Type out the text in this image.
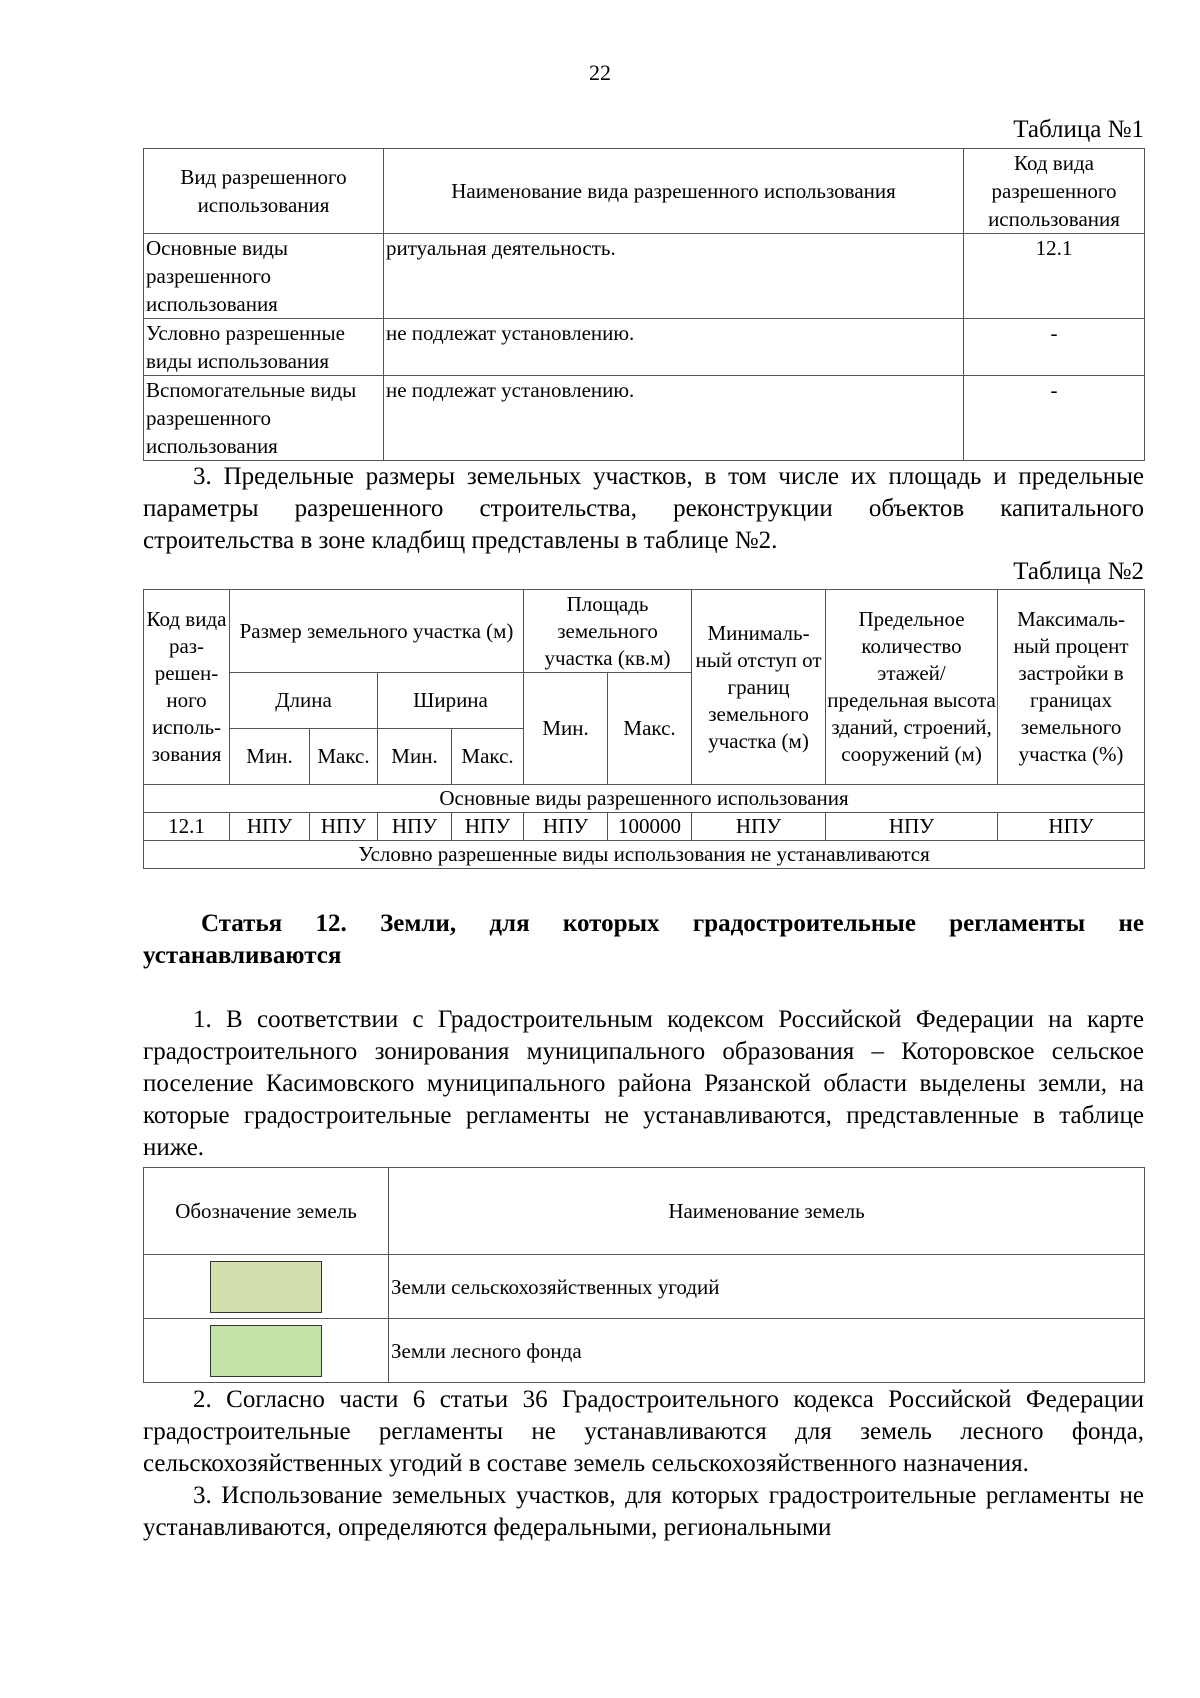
22
Таблица №1
Вид разрешенного использования	Наименование вида разрешенного использования	Код вида разрешенного использования
Основные виды разрешенного использования	ритуальная деятельность.	12.1
Условно разрешенные виды использования	не подлежат установлению.	-
Вспомогательные виды разрешенного использования	не подлежат установлению.	-

3. Предельные размеры земельных участков, в том числе их площадь и предельные параметры разрешенного строительства, реконструкции объектов капитального строительства в зоне кладбищ представлены в таблице №2.

Таблица №2
Код вида раз- решен- ного исполь- зования	Размер земельного участка (м)				Площадь земельного участка (кв.м)		Минималь- ный отступ от границ земельного участка (м)	Предельное количество этажей/ предельная высота зданий, строений, сооружений (м)	Максималь- ный процент застройки в границах земельного участка (%)
	Длина		Ширина		Мин.	Макс.			
	Мин.	Макс.	Мин.	Макс.					
Основные виды разрешенного использования									
12.1	НПУ	НПУ	НПУ	НПУ	НПУ	100000	НПУ	НПУ	НПУ
Условно разрешенные виды использования не устанавливаются									
Статья 12. Земли, для которых градостроительные регламенты не устанавливаются

1. В соответствии с Градостроительным кодексом Российской Федерации на карте градостроительного зонирования муниципального образования – Которовское сельское поселение Касимовского муниципального района Рязанской области выделены земли, на которые градостроительные регламенты не устанавливаются, представленные в таблице ниже.

Обозначение земель	Наименование земель

	Земли сельскохозяйственных угодий

	Земли лесного фонда

2. Согласно части 6 статьи 36 Градостроительного кодекса Российской Федерации градостроительные регламенты не устанавливаются для земель лесного фонда, сельскохозяйственных угодий в составе земель сельскохозяйственного назначения.

3. Использование земельных участков, для которых градостроительные регламенты не устанавливаются, определяются федеральными, региональными
